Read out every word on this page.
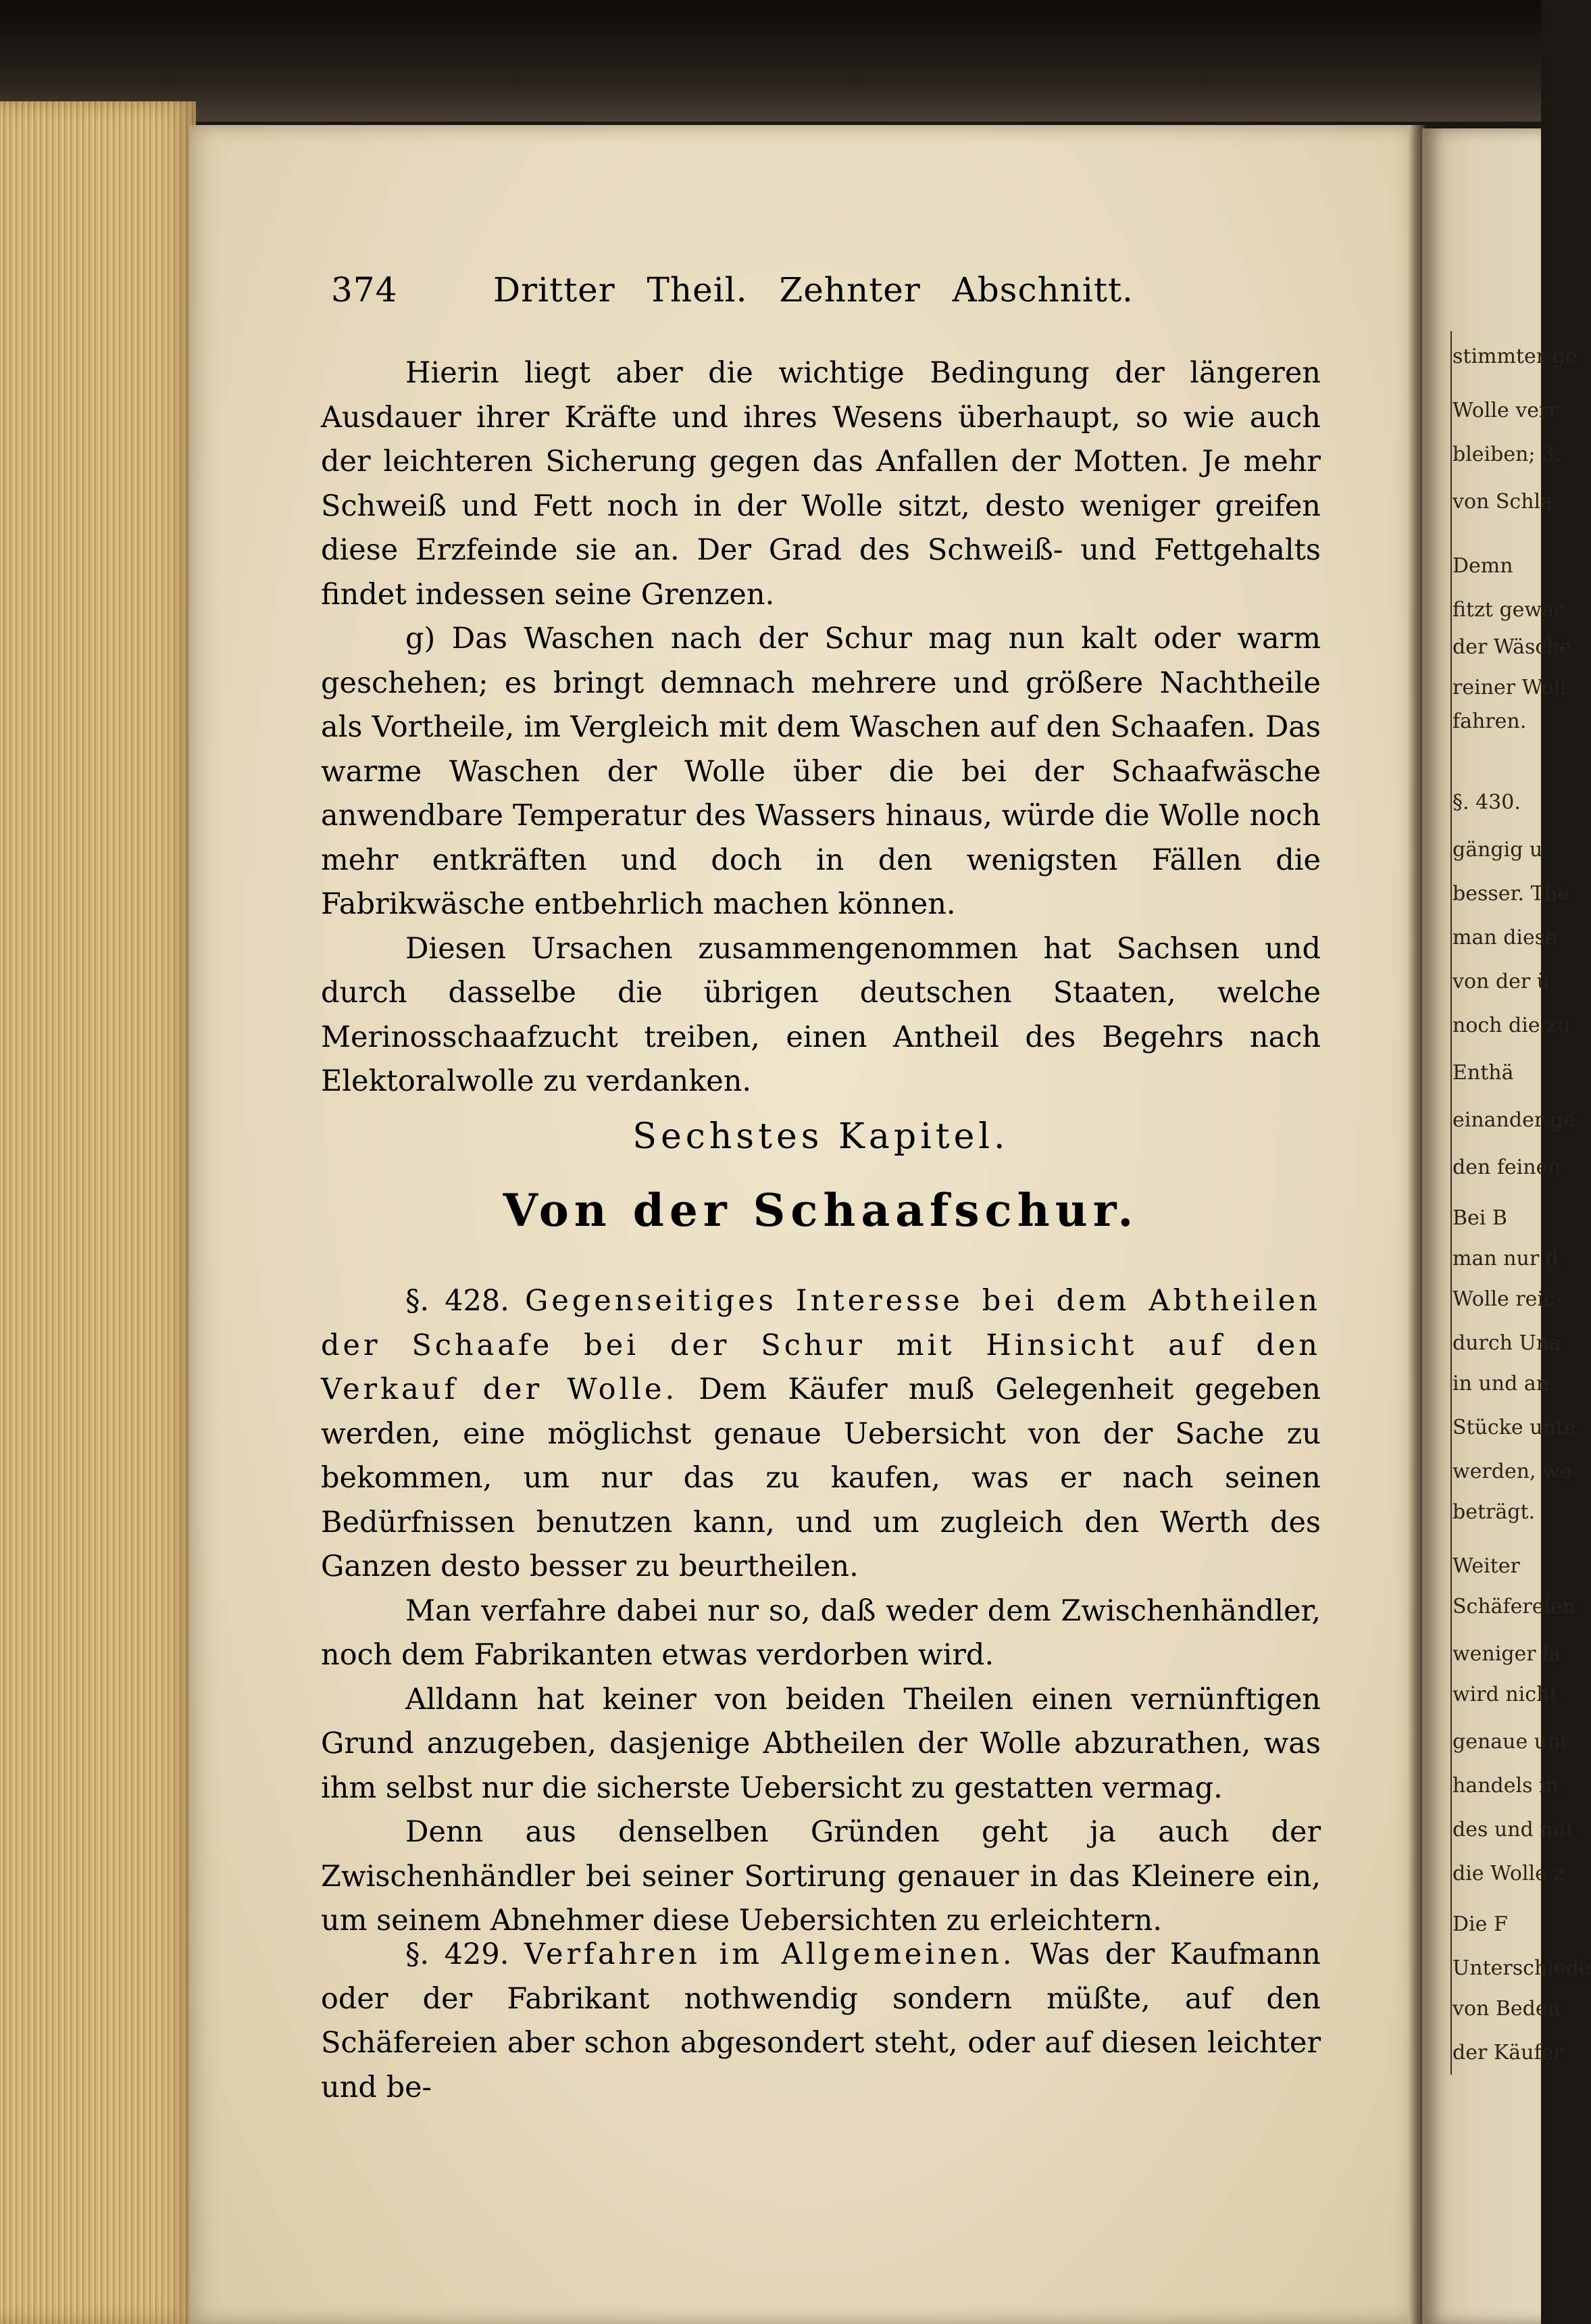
374	Dritter Theil. Zehnter Abschnitt.

Hierin liegt aber die wichtige Bedingung der längeren Ausdauer ihrer Kräfte und ihres Wesens überhaupt, so wie auch der leichteren Sicherung gegen das Anfallen der Motten. Je mehr Schweiß und Fett noch in der Wolle sitzt, desto weniger greifen diese Erzfeinde sie an. Der Grad des Schweiß- und Fettgehalts findet indessen seine Grenzen.

g) Das Waschen nach der Schur mag nun kalt oder warm geschehen; es bringt demnach mehrere und größere Nachtheile als Vortheile, im Vergleich mit dem Waschen auf den Schaafen. Das warme Waschen der Wolle über die bei der Schaafwäsche anwendbare Temperatur des Wassers hinaus, würde die Wolle noch mehr entkräften und doch in den wenigsten Fällen die Fabrikwäsche entbehrlich machen können.

Diesen Ursachen zusammengenommen hat Sachsen und durch dasselbe die übrigen deutschen Staaten, welche Merinosschaafzucht treiben, einen Antheil des Begehrs nach Elektoralwolle zu verdanken.

Sechstes Kapitel.
Von der Schaafschur.

§. 428. Gegenseitiges Interesse bei dem Abtheilen der Schaafe bei der Schur mit Hinsicht auf den Verkauf der Wolle. Dem Käufer muß Gelegenheit gegeben werden, eine möglichst genaue Uebersicht von der Sache zu bekommen, um nur das zu kaufen, was er nach seinen Bedürfnissen benutzen kann, und um zugleich den Werth des Ganzen desto besser zu beurtheilen.

Man verfahre dabei nur so, daß weder dem Zwischenhändler, noch dem Fabrikanten etwas verdorben wird.

Alldann hat keiner von beiden Theilen einen vernünftigen Grund anzugeben, dasjenige Abtheilen der Wolle abzurathen, was ihm selbst nur die sicherste Uebersicht zu gestatten vermag.

Denn aus denselben Gründen geht ja auch der Zwischenhändler bei seiner Sortirung genauer in das Kleinere ein, um seinem Abnehmer diese Uebersichten zu erleichtern.

§. 429. Verfahren im Allgemeinen. Was der Kaufmann oder der Fabrikant nothwendig sondern müßte, auf den Schäfereien aber schon abgesondert steht, oder auf diesen leichter und be-

stimmter ge
Wolle verr
bleiben; 3.
von Schla
Demn
fitzt gewac
der Wäsche
reiner Woll
fahren.
§. 430.
gängig u
besser. The
man diese
von der ü
noch die zu
Enthä
einander ge
den feinen
Bei B
man nur d
Wolle reic
durch Una
in und an
Stücke unte
werden, we
beträgt.
Weiter
Schäfereien
weniger la
wird nicht
genaue unt
handels in
des und mit
die Wolle z
Die F
Unterschiede
von Bedeu
der Käufer
